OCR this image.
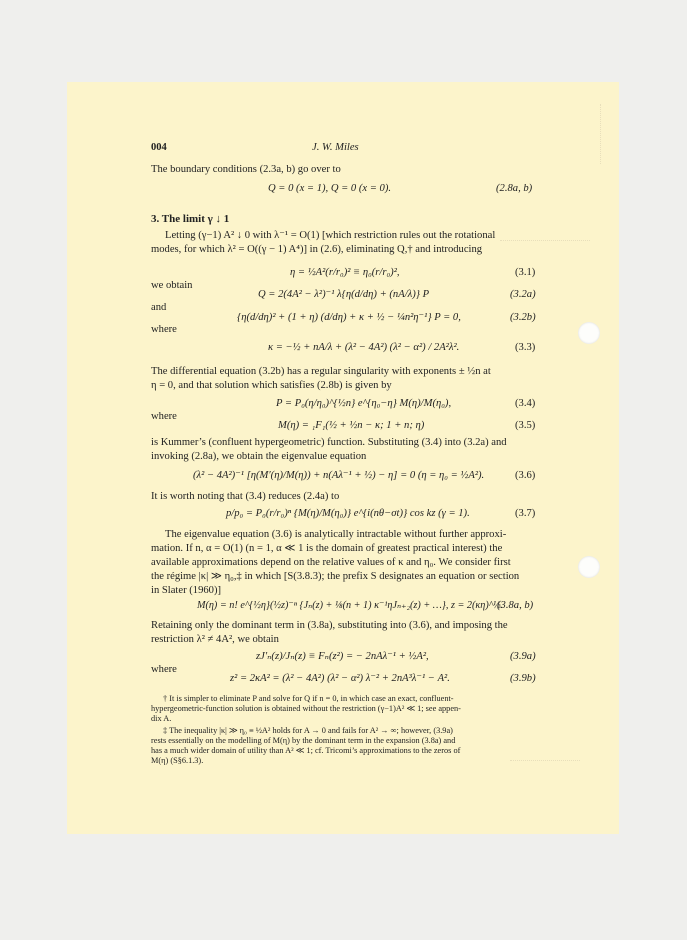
004	J. W. Miles
The boundary conditions (2.3a, b) go over to
Q = 0 (x = 1), Q = 0 (x = 0).	(2.8a, b)
3. The limit γ ↓ 1
Letting (γ−1) A² ↓ 0 with λ⁻¹ = O(1) [which restriction rules out the rotational
modes, for which λ² = O((γ − 1) A⁴)] in (2.6), eliminating Q,† and introducing
η = ½A²(r/r₀)² ≡ η₀(r/r₀)²,	(3.1)
we obtain
Q = 2(4A² − λ²)⁻¹ λ{η(d/dη) + (nA/λ)} P	(3.2a)
and
{η(d/dη)² + (1 + η) (d/dη) + κ + ½ − ¼n²η⁻¹} P = 0,	(3.2b)
where
κ = −½ + nA/λ + (λ² − 4A²) (λ² − α²) / 2A²λ².	(3.3)
The differential equation (3.2b) has a regular singularity with exponents ± ½n at
η = 0, and that solution which satisfies (2.8b) is given by
P = P₀(η/η₀)^{½n} e^{η₀−η} M(η)/M(η₀),	(3.4)
where
M(η) = ₁F₁(½ + ½n − κ; 1 + n; η)	(3.5)
is Kummer’s (confluent hypergeometric) function. Substituting (3.4) into (3.2a) and
invoking (2.8a), we obtain the eigenvalue equation
(λ² − 4A²)⁻¹ [η(M′(η)/M(η)) + n(Aλ⁻¹ + ½) − η] = 0 (η = η₀ = ½A²).	(3.6)
It is worth noting that (3.4) reduces (2.4a) to
p/p₀ = P₀(r/r₀)ⁿ {M(η)/M(η₀)} e^{i(nθ−σt)} cos kz (γ = 1).	(3.7)
The eigenvalue equation (3.6) is analytically intractable without further approxi-
mation. If n, α = O(1) (n = 1, α ≪ 1 is the domain of greatest practical interest) the
available approximations depend on the relative values of κ and η₀. We consider first
the régime |κ| ≫ η₀,‡ in which [S(3.8.3); the prefix S designates an equation or section
in Slater (1960)]
M(η) = n! e^{½η}(½z)⁻ⁿ {Jₙ(z) + ⅛(n + 1) κ⁻¹ηJₙ₊₂(z) + …}, z = 2(κη)^½.
(3.8a, b)
Retaining only the dominant term in (3.8a), substituting into (3.6), and imposing the
restriction λ² ≠ 4A², we obtain
zJ′ₙ(z)/Jₙ(z) ≡ Fₙ(z²) = − 2nAλ⁻¹ + ½A²,	(3.9a)
where
z² = 2κA² = (λ² − 4A²) (λ² − α²) λ⁻² + 2nA³λ⁻¹ − A².	(3.9b)
† It is simpler to eliminate P and solve for Q if n = 0, in which case an exact, confluent-
hypergeometric-function solution is obtained without the restriction (γ−1)A² ≪ 1; see appen-
dix A.
‡ The inequality |κ| ≫ η₀ ≡ ½A² holds for A → 0 and fails for A² → ∞; however, (3.9a)
rests essentially on the modelling of M(η) by the dominant term in the expansion (3.8a) and
has a much wider domain of utility than A² ≪ 1; cf. Tricomi’s approximations to the zeros of
M(η) (S§6.1.3).
